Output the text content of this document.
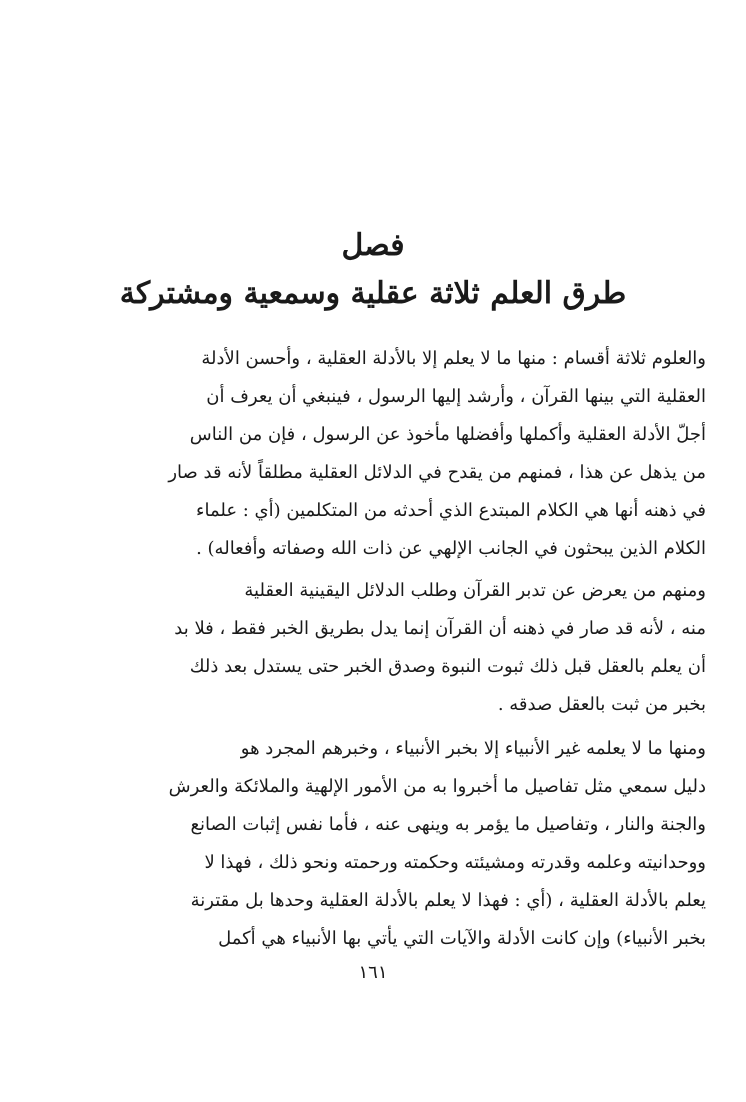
فصل
طرق العلم ثلاثة عقلية وسمعية ومشتركة
والعلوم ثلاثة أقسام : منها ما لا يعلم إلا بالأدلة العقلية ، وأحسن الأدلة
العقلية التي بينها القرآن ، وأرشد إليها الرسول ، فينبغي أن يعرف أن
أجلّ الأدلة العقلية وأكملها وأفضلها مأخوذ عن الرسول ، فإن من الناس
من يذهل عن هذا ، فمنهم من يقدح في الدلائل العقلية مطلقاً لأنه قد صار
في ذهنه أنها هي الكلام المبتدع الذي أحدثه من المتكلمين (أي : علماء
الكلام الذين يبحثون في الجانب الإلهي عن ذات الله وصفاته وأفعاله) .
ومنهم من يعرض عن تدبر القرآن وطلب الدلائل اليقينية العقلية
منه ، لأنه قد صار في ذهنه أن القرآن إنما يدل بطريق الخبر فقط ، فلا بد
أن يعلم بالعقل قبل ذلك ثبوت النبوة وصدق الخبر حتى يستدل بعد ذلك
بخبر من ثبت بالعقل صدقه .
ومنها ما لا يعلمه غير الأنبياء إلا بخبر الأنبياء ، وخبرهم المجرد هو
دليل سمعي مثل تفاصيل ما أخبروا به من الأمور الإلهية والملائكة والعرش
والجنة والنار ، وتفاصيل ما يؤمر به وينهى عنه ، فأما نفس إثبات الصانع
ووحدانيته وعلمه وقدرته ومشيئته وحكمته ورحمته ونحو ذلك ، فهذا لا
يعلم بالأدلة العقلية ، (أي : فهذا لا يعلم بالأدلة العقلية وحدها بل مقترنة
بخبر الأنبياء) وإن كانت الأدلة والآيات التي يأتي بها الأنبياء هي أكمل
١٦١
